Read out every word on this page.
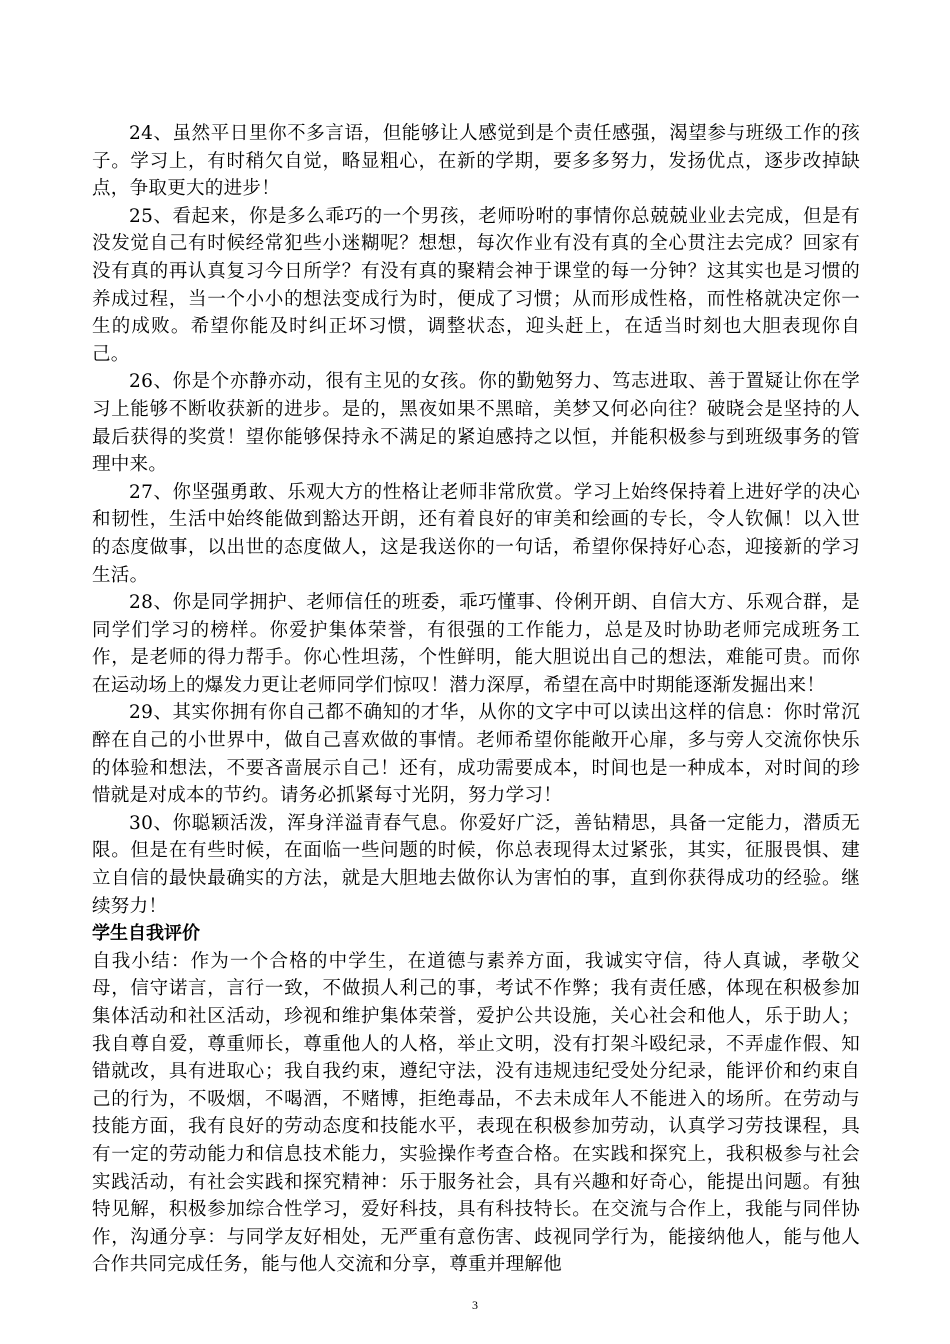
24、虽然平日里你不多言语，但能够让人感觉到是个责任感强，渴望参与班级工作的孩子。学习上，有时稍欠自觉，略显粗心，在新的学期，要多多努力，发扬优点，逐步改掉缺点，争取更大的进步！

25、看起来，你是多么乖巧的一个男孩，老师吩咐的事情你总兢兢业业去完成，但是有没发觉自己有时候经常犯些小迷糊呢？想想，每次作业有没有真的全心贯注去完成？回家有没有真的再认真复习今日所学？有没有真的聚精会神于课堂的每一分钟？这其实也是习惯的养成过程，当一个小小的想法变成行为时，便成了习惯；从而形成性格，而性格就决定你一生的成败。希望你能及时纠正坏习惯，调整状态，迎头赶上，在适当时刻也大胆表现你自己。

26、你是个亦静亦动，很有主见的女孩。你的勤勉努力、笃志进取、善于置疑让你在学习上能够不断收获新的进步。是的，黑夜如果不黑暗，美梦又何必向往？破晓会是坚持的人最后获得的奖赏！望你能够保持永不满足的紧迫感持之以恒，并能积极参与到班级事务的管理中来。

27、你坚强勇敢、乐观大方的性格让老师非常欣赏。学习上始终保持着上进好学的决心和韧性，生活中始终能做到豁达开朗，还有着良好的审美和绘画的专长，令人钦佩！以入世的态度做事，以出世的态度做人，这是我送你的一句话，希望你保持好心态，迎接新的学习生活。

28、你是同学拥护、老师信任的班委，乖巧懂事、伶俐开朗、自信大方、乐观合群，是同学们学习的榜样。你爱护集体荣誉，有很强的工作能力，总是及时协助老师完成班务工作，是老师的得力帮手。你心性坦荡，个性鲜明，能大胆说出自己的想法，难能可贵。而你在运动场上的爆发力更让老师同学们惊叹！潜力深厚，希望在高中时期能逐渐发掘出来！

29、其实你拥有你自己都不确知的才华，从你的文字中可以读出这样的信息：你时常沉醉在自己的小世界中，做自己喜欢做的事情。老师希望你能敞开心扉，多与旁人交流你快乐的体验和想法，不要吝啬展示自己！还有，成功需要成本，时间也是一种成本，对时间的珍惜就是对成本的节约。请务必抓紧每寸光阴，努力学习！

30、你聪颖活泼，浑身洋溢青春气息。你爱好广泛，善钻精思，具备一定能力，潜质无限。但是在有些时候，在面临一些问题的时候，你总表现得太过紧张，其实，征服畏惧、建立自信的最快最确实的方法，就是大胆地去做你认为害怕的事，直到你获得成功的经验。继续努力！

学生自我评价

自我小结：作为一个合格的中学生，在道德与素养方面，我诚实守信，待人真诚，孝敬父母，信守诺言，言行一致，不做损人利己的事，考试不作弊；我有责任感，体现在积极参加集体活动和社区活动，珍视和维护集体荣誉，爱护公共设施，关心社会和他人，乐于助人；我自尊自爱，尊重师长，尊重他人的人格，举止文明，没有打架斗殴纪录，不弄虚作假、知错就改，具有进取心；我自我约束，遵纪守法，没有违规违纪受处分纪录，能评价和约束自己的行为，不吸烟，不喝酒，不赌博，拒绝毒品，不去未成年人不能进入的场所。在劳动与技能方面，我有良好的劳动态度和技能水平，表现在积极参加劳动，认真学习劳技课程，具有一定的劳动能力和信息技术能力，实验操作考查合格。在实践和探究上，我积极参与社会实践活动，有社会实践和探究精神：乐于服务社会，具有兴趣和好奇心，能提出问题。有独特见解，积极参加综合性学习，爱好科技，具有科技特长。在交流与合作上，我能与同伴协作，沟通分享：与同学友好相处，无严重有意伤害、歧视同学行为，能接纳他人，能与他人合作共同完成任务，能与他人交流和分享，尊重并理解他

3
